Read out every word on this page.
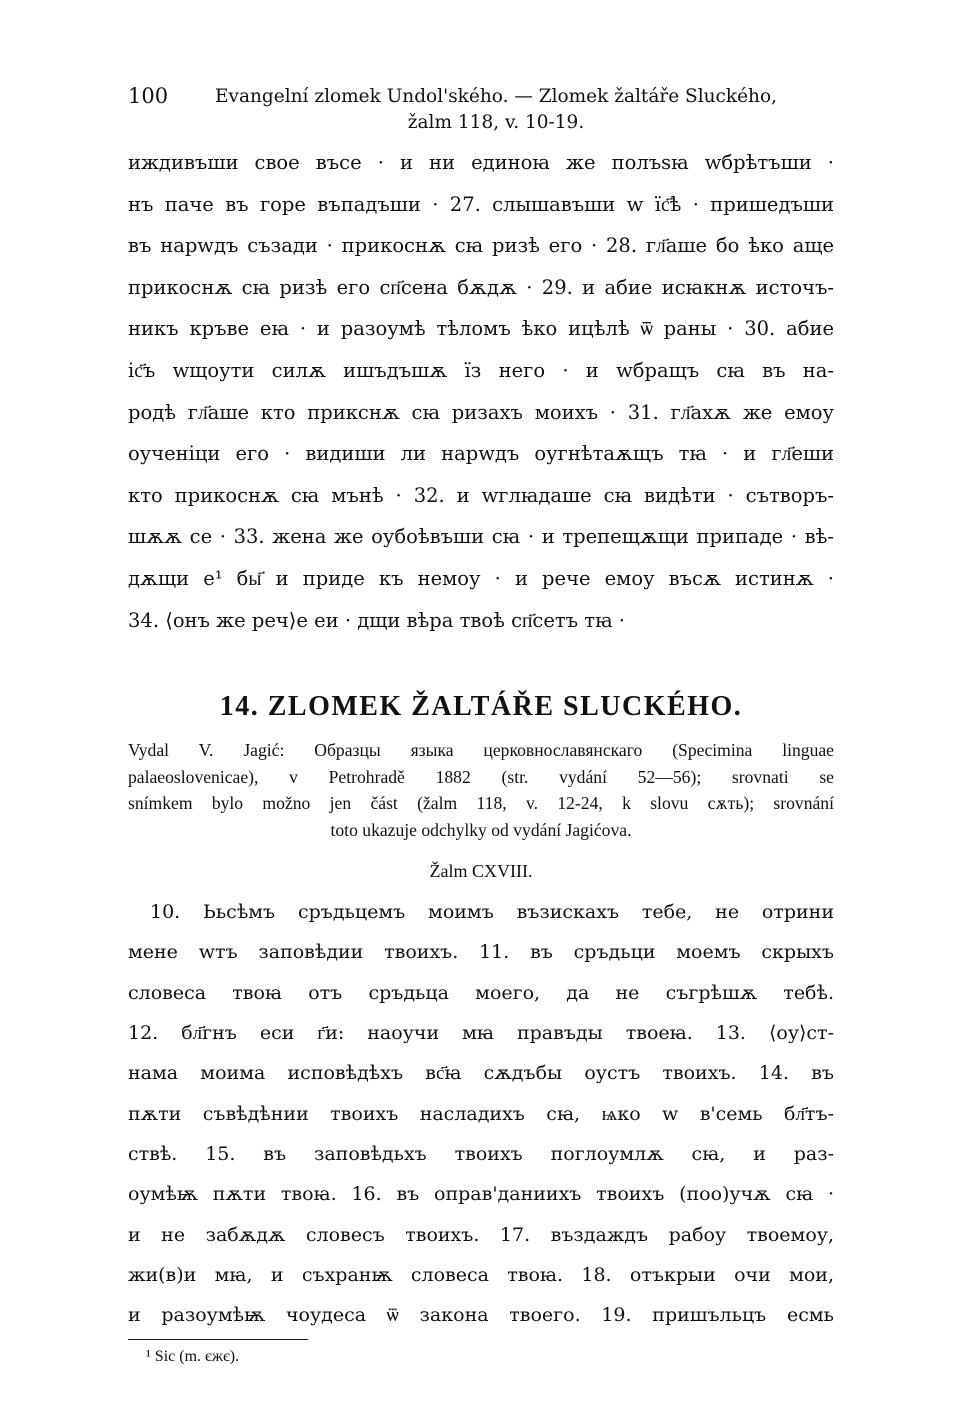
100	Evangelní zlomek Undol'ského. — Zlomek žaltáře Sluckého,
žalm 118, v. 10-19.
иждивъши свое въсе · и ни единоꙗ же полъѕꙗ wбрѣтъши ·
нъ паче въ горе въпадъши · 27. слышавъши w їс҃ѣ · пришедъши
въ нарwдъ съзади · прикоснѫ сꙗ ризѣ его · 28. гл҃аше бо ѣко аще
прикоснѫ сꙗ ризѣ его сп҃сена бѫдѫ · 29. и абие исꙗкнѫ источъ-
никъ кръве еꙗ · и разоумѣ тѣломъ ѣко ицѣлѣ ѿ раны · 30. абие
іс҃ъ wщоути силѫ ишъдъшѫ їз него · и wбращъ сꙗ въ на-
родѣ гл҃аше кто прикснѫ сꙗ ризахъ моихъ · 31. гл҃ахѫ же емоу
оученіци его · видиши ли нарwдъ оугнѣтаѫщъ тꙗ · и гл҃еши
кто прикоснѫ сꙗ мънѣ · 32. и wглꙗдаше сꙗ видѣти · сътворъ-
шѫѫ се · 33. жена же оубоѣвъши сꙗ · и трепещѫщи припаде · вѣ-
дѫщи е¹ бы҃ и приде къ немоу · и рече емоу въсѫ истинѫ ·
34. ⟨онъ же реч⟩е еи · дщи вѣра твоѣ сп҃сетъ тꙗ ·
14. ZLOMEK ŽALTÁŘE SLUCKÉHO.
Vydal V. Jagić: Образцы языка церковнославянскаго (Specimina linguae
palaeoslovenicae), v Petrohradě 1882 (str. vydání 52—56); srovnati se
snímkem bylo možno jen část (žalm 118, v. 12-24, k slovu сѫть); srovnání
toto ukazuje odchylky od vydání Jagićova.
Žalm CXVIII.
10. Ььсѣмъ сръдьцемъ моимъ възискахъ тебе, не отрини
мене wтъ заповѣдии твоихъ. 11. въ сръдьци моемъ скрыхъ
словеса твоꙗ отъ сръдьца моего, да не съгрѣшѫ тебѣ.
12. бл҃гнъ еси г҃и: наоучи мꙗ правъды твоеꙗ. 13. ⟨оу⟩ст-
нама моима исповѣдѣхъ вс҃ꙗ сѫдъбы оустъ твоихъ. 14. въ
пѫти съвѣдѣнии твоихъ насладихъ сꙗ, ѩко w в'семь бл҃тъ-
ствѣ. 15. въ заповѣдьхъ твоихъ поглоумлѫ сꙗ, и раз-
оумѣѭ пѫти твоꙗ. 16. въ оправ'даниихъ твоихъ (поо)учѫ сꙗ ·
и не забѫдѫ словесъ твоихъ. 17. въздаждъ рабоу твоемоу,
жи(в)и мꙗ, и съхранѭ словеса твоꙗ. 18. отъкрыи очи мои,
и разоумѣѭ чоудеса ѿ закона твоего. 19. пришъльцъ есмь
¹ Sic (m. єжє).
